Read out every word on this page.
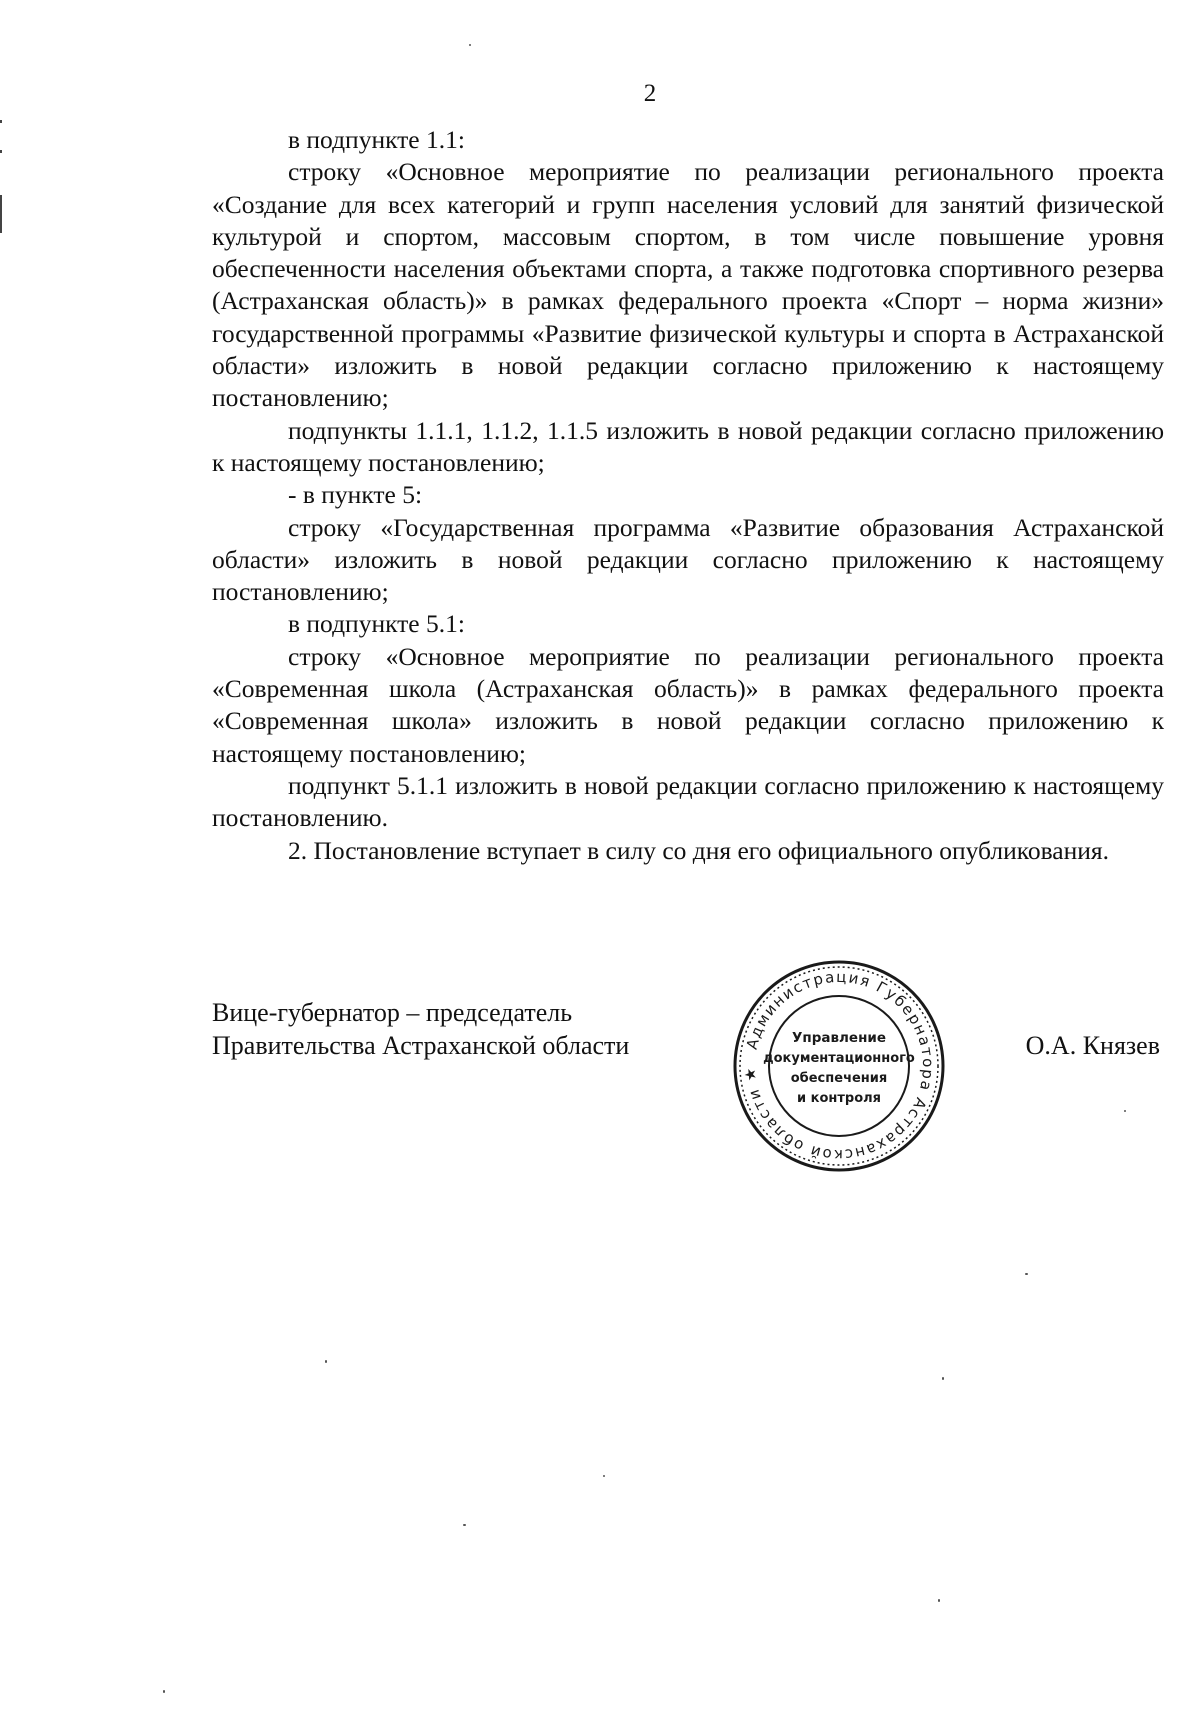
2

в подпункте 1.1:

строку «Основное мероприятие по реализации регионального проекта «Создание для всех категорий и групп населения условий для занятий физической культурой и спортом, массовым спортом, в том числе повышение уровня обеспеченности населения объектами спорта, а также подготовка спортивного резерва (Астраханская область)» в рамках федерального проекта «Спорт – норма жизни» государственной программы «Развитие физической культуры и спорта в Астраханской области» изложить в новой редакции согласно приложению к настоящему постановлению;

подпункты 1.1.1, 1.1.2, 1.1.5 изложить в новой редакции согласно приложению к настоящему постановлению;

- в пункте 5:

строку «Государственная программа «Развитие образования Астраханской области» изложить в новой редакции согласно приложению к настоящему постановлению;

в подпункте 5.1:

строку «Основное мероприятие по реализации регионального проекта «Современная школа (Астраханская область)» в рамках федерального проекта «Современная школа» изложить в новой редакции согласно приложению к настоящему постановлению;

подпункт 5.1.1 изложить в новой редакции согласно приложению к настоящему постановлению.

2. Постановление вступает в силу со дня его официального опубликования.

Вице-губернатор – председатель
Правительства Астраханской области	Администрация Губернатора Астраханской области ★
Управление
документационного
обеспечения
и контроля
О.А. Князев
